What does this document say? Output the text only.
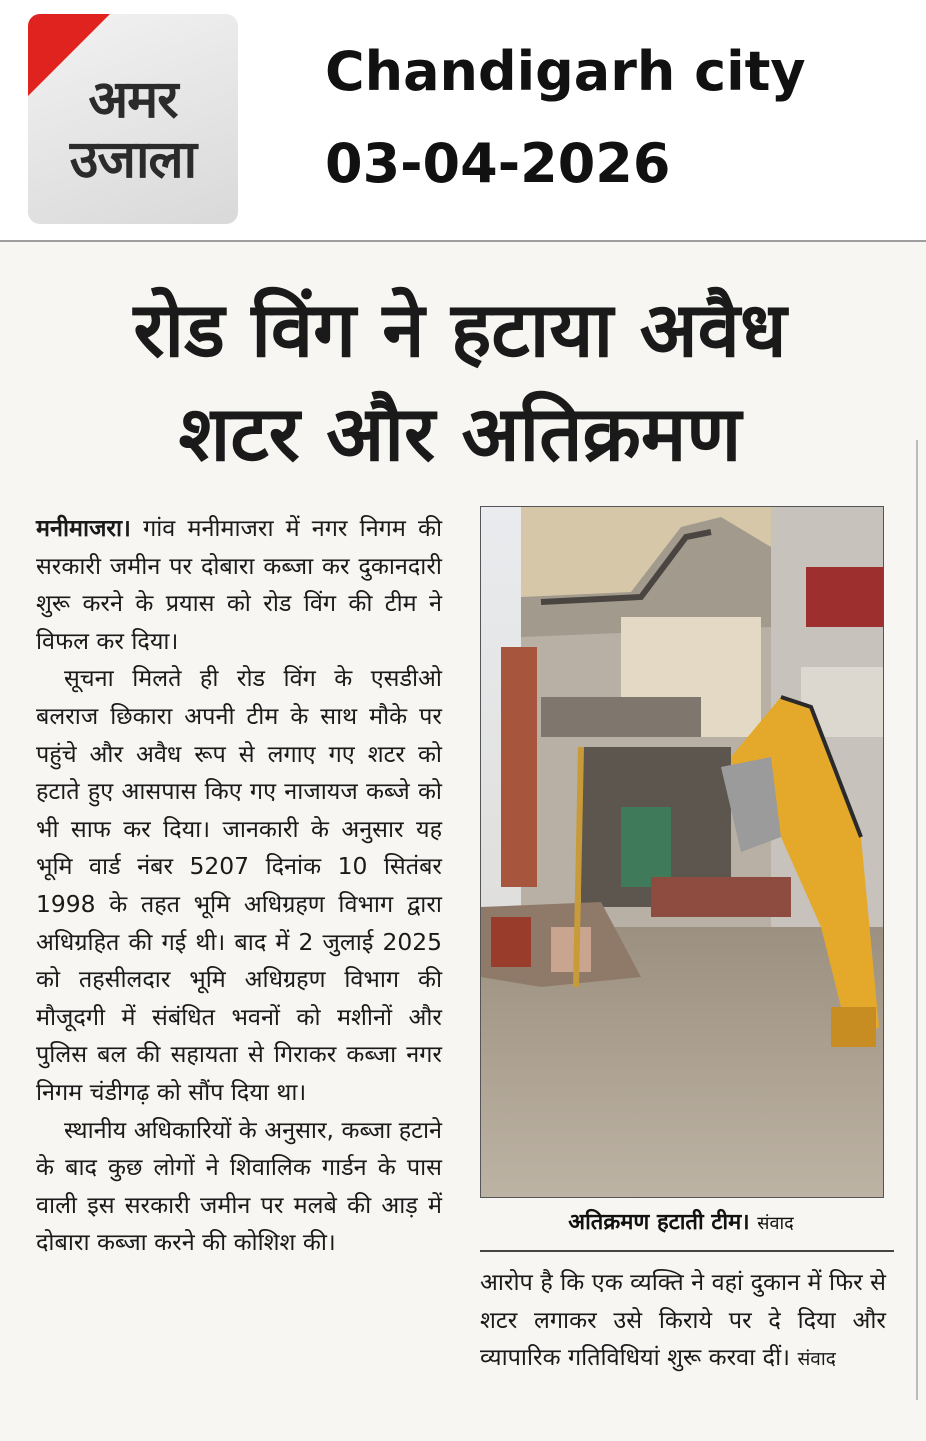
अमर
उजाला
Chandigarh city
03-04-2026
रोड विंग ने हटाया अवैध
शटर और अतिक्रमण

मनीमाजरा। गांव मनीमाजरा में नगर निगम की सरकारी जमीन पर दोबारा कब्जा कर दुकानदारी शुरू करने के प्रयास को रोड विंग की टीम ने विफल कर दिया।

सूचना मिलते ही रोड विंग के एसडीओ बलराज छिकारा अपनी टीम के साथ मौके पर पहुंचे और अवैध रूप से लगाए गए शटर को हटाते हुए आसपास किए गए नाजायज कब्जे को भी साफ कर दिया। जानकारी के अनुसार यह भूमि वार्ड नंबर 5207 दिनांक 10 सितंबर 1998 के तहत भूमि अधिग्रहण विभाग द्वारा अधिग्रहित की गई थी। बाद में 2 जुलाई 2025 को तहसीलदार भूमि अधिग्रहण विभाग की मौजूदगी में संबंधित भवनों को मशीनों और पुलिस बल की सहायता से गिराकर कब्जा नगर निगम चंडीगढ़ को सौंप दिया था।

स्थानीय अधिकारियों के अनुसार, कब्जा हटाने के बाद कुछ लोगों ने शिवालिक गार्डन के पास वाली इस सरकारी जमीन पर मलबे की आड़ में दोबारा कब्जा करने की कोशिश की।

अतिक्रमण हटाती टीम। संवाद
आरोप है कि एक व्यक्ति ने वहां दुकान में फिर से शटर लगाकर उसे किराये पर दे दिया और व्यापारिक गतिविधियां शुरू करवा दीं। संवाद
